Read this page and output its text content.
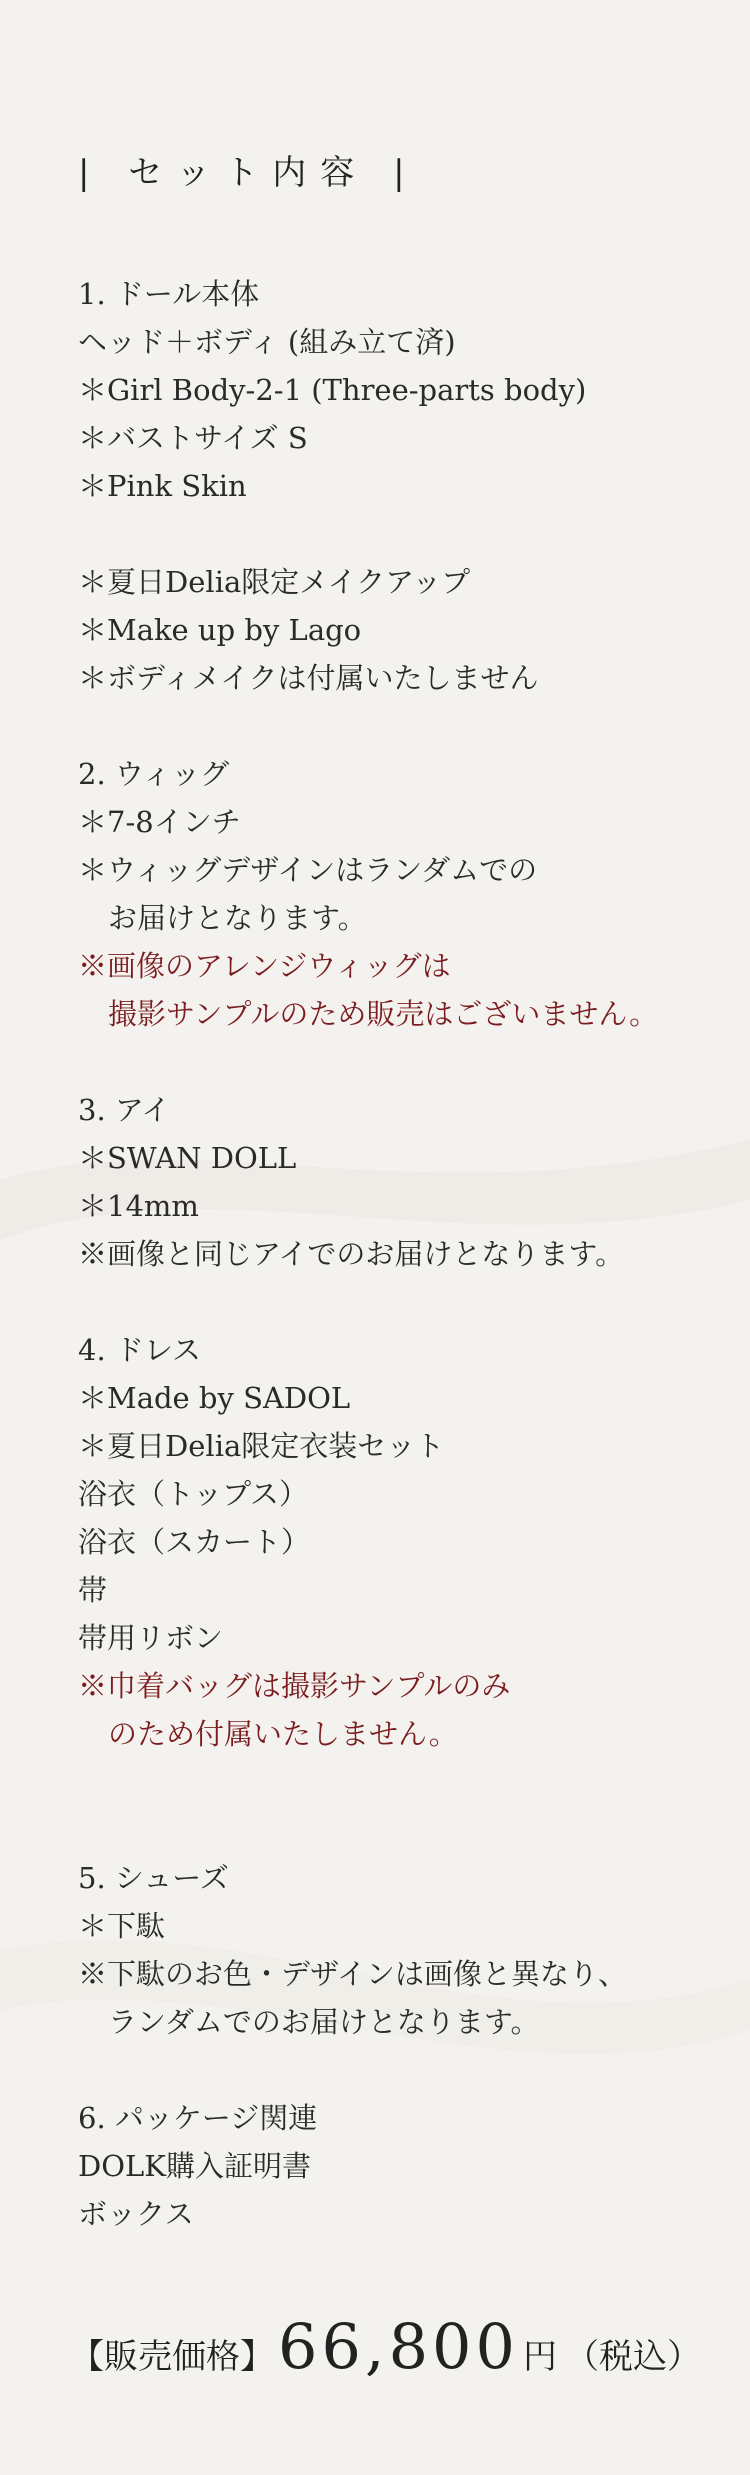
| セット内容 |
1. ドール本体
ヘッド＋ボディ (組み立て済)
＊Girl Body-2-1 (Three-parts body)
＊バストサイズ S
＊Pink Skin
＊夏日Delia限定メイクアップ
＊Make up by Lago
＊ボディメイクは付属いたしません
2. ウィッグ
＊7-8インチ
＊ウィッグデザインはランダムでの
お届けとなります。
※画像のアレンジウィッグは
撮影サンプルのため販売はございません。
3. アイ
＊SWAN DOLL
＊14mm
※画像と同じアイでのお届けとなります。
4. ドレス
＊Made by SADOL
＊夏日Delia限定衣装セット
浴衣（トップス）
浴衣（スカート）
帯
帯用リボン
※巾着バッグは撮影サンプルのみ
のため付属いたしません。
5. シューズ
＊下駄
※下駄のお色・デザインは画像と異なり、
ランダムでのお届けとなります。
6. パッケージ関連
DOLK購入証明書
ボックス
【販売価格】66,800 円 （税込）
